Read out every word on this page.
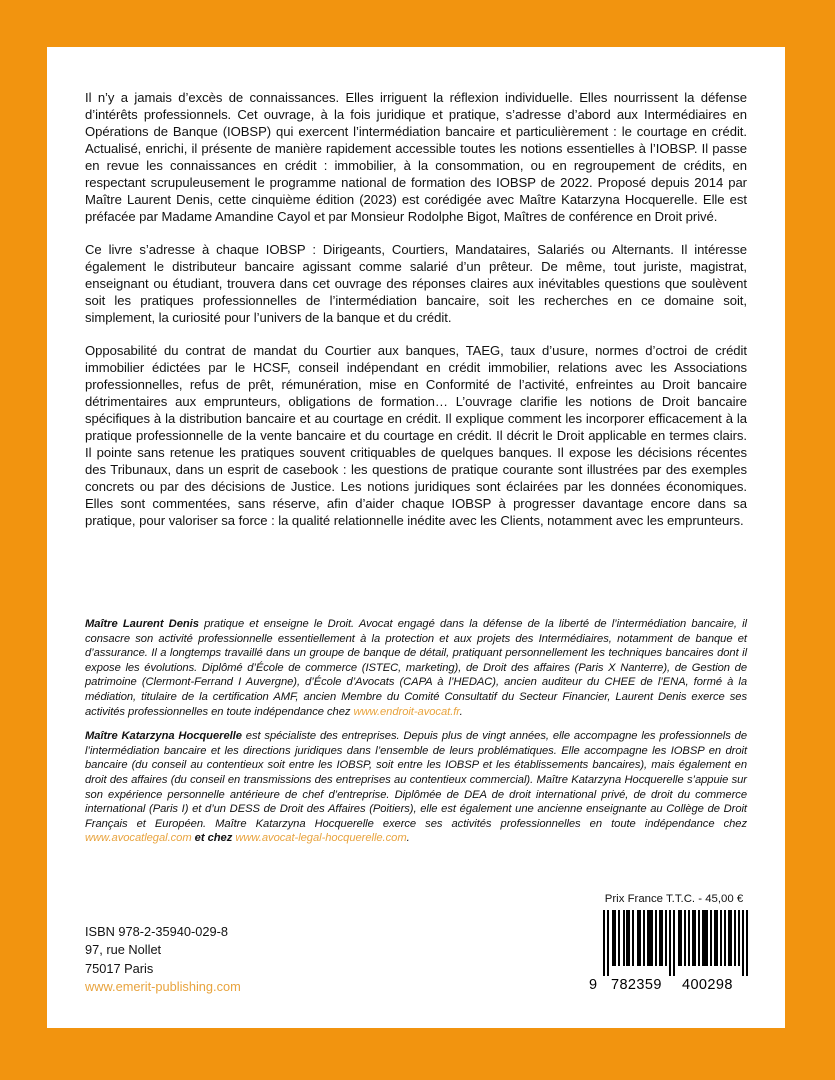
Il n’y a jamais d’excès de connaissances. Elles irriguent la réflexion individuelle. Elles nourrissent la défense d’intérêts professionnels. Cet ouvrage, à la fois juridique et pratique, s’adresse d’abord aux Intermédiaires en Opérations de Banque (IOBSP) qui exercent l’intermédiation bancaire et particulièrement : le courtage en crédit. Actualisé, enrichi, il présente de manière rapidement accessible toutes les notions essentielles à l’IOBSP. Il passe en revue les connaissances en crédit : immobilier, à la consommation, ou en regroupement de crédits, en respectant scrupuleusement le programme national de formation des IOBSP de 2022. Proposé depuis 2014 par Maître Laurent Denis, cette cinquième édition (2023) est corédigée avec Maître Katarzyna Hocquerelle. Elle est préfacée par Madame Amandine Cayol et par Monsieur Rodolphe Bigot, Maîtres de conférence en Droit privé.

Ce livre s’adresse à chaque IOBSP : Dirigeants, Courtiers, Mandataires, Salariés ou Alternants. Il intéresse également le distributeur bancaire agissant comme salarié d’un prêteur. De même, tout juriste, magistrat, enseignant ou étudiant, trouvera dans cet ouvrage des réponses claires aux inévitables questions que soulèvent soit les pratiques professionnelles de l’intermédiation bancaire, soit les recherches en ce domaine soit, simplement, la curiosité pour l’univers de la banque et du crédit.

Opposabilité du contrat de mandat du Courtier aux banques, TAEG, taux d’usure, normes d’octroi de crédit immobilier édictées par le HCSF, conseil indépendant en crédit immobilier, relations avec les Associations professionnelles, refus de prêt, rémunération, mise en Conformité de l’activité, enfreintes au Droit bancaire détrimentaires aux emprunteurs, obligations de formation… L’ouvrage clarifie les notions de Droit bancaire spécifiques à la distribution bancaire et au courtage en crédit. Il explique comment les incorporer efficacement à la pratique professionnelle de la vente bancaire et du courtage en crédit. Il décrit le Droit applicable en termes clairs. Il pointe sans retenue les pratiques souvent critiquables de quelques banques. Il expose les décisions récentes des Tribunaux, dans un esprit de casebook : les questions de pratique courante sont illustrées par des exemples concrets ou par des décisions de Justice. Les notions juridiques sont éclairées par les données économiques. Elles sont commentées, sans réserve, afin d’aider chaque IOBSP à progresser davantage encore dans sa pratique, pour valoriser sa force : la qualité relationnelle inédite avec les Clients, notamment avec les emprunteurs.

Maître Laurent Denis pratique et enseigne le Droit. Avocat engagé dans la défense de la liberté de l’intermédiation bancaire, il consacre son activité professionnelle essentiellement à la protection et aux projets des Intermédiaires, notamment de banque et d’assurance. Il a longtemps travaillé dans un groupe de banque de détail, pratiquant personnellement les techniques bancaires dont il expose les évolutions. Diplômé d’École de commerce (ISTEC, marketing), de Droit des affaires (Paris X Nanterre), de Gestion de patrimoine (Clermont-Ferrand I Auvergne), d’École d’Avocats (CAPA à l’HEDAC), ancien auditeur du CHEE de l’ENA, formé à la médiation, titulaire de la certification AMF, ancien Membre du Comité Consultatif du Secteur Financier, Laurent Denis exerce ses activités professionnelles en toute indépendance chez www.endroit-avocat.fr.

Maître Katarzyna Hocquerelle est spécialiste des entreprises. Depuis plus de vingt années, elle accompagne les professionnels de l’intermédiation bancaire et les directions juridiques dans l’ensemble de leurs problématiques. Elle accompagne les IOBSP en droit bancaire (du conseil au contentieux soit entre les IOBSP, soit entre les IOBSP et les établissements bancaires), mais également en droit des affaires (du conseil en transmissions des entreprises au contentieux commercial). Maître Katarzyna Hocquerelle s’appuie sur son expérience personnelle antérieure de chef d’entreprise. Diplômée de DEA de droit international privé, de droit du commerce international (Paris I) et d’un DESS de Droit des Affaires (Poitiers), elle est également une ancienne enseignante au Collège de Droit Français et Européen. Maître Katarzyna Hocquerelle exerce ses activités professionnelles en toute indépendance chez www.avocatlegal.com et chez www.avocat-legal-hocquerelle.com.

ISBN 978-2-35940-029-8
97, rue Nollet
75017 Paris
www.emerit-publishing.com
Prix France T.T.C. - 45,00 €
9 782359 400298
